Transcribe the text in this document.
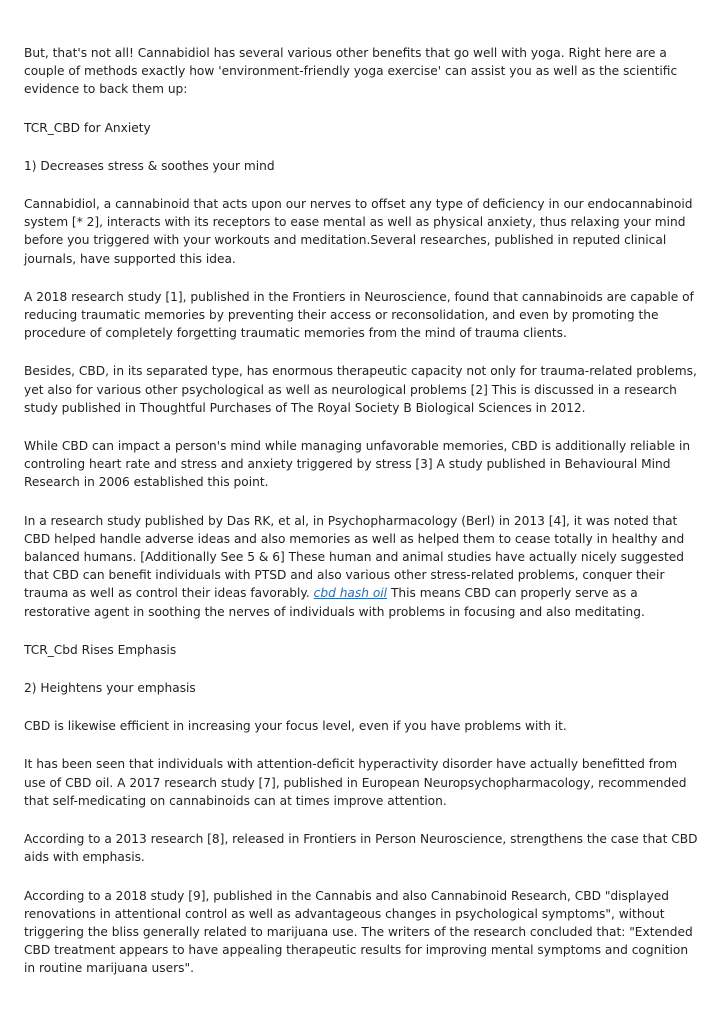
But, that's not all! Cannabidiol has several various other benefits that go well with yoga. Right here are a couple of methods exactly how 'environment-friendly yoga exercise' can assist you as well as the scientific evidence to back them up:

TCR_CBD for Anxiety

1) Decreases stress & soothes your mind

Cannabidiol, a cannabinoid that acts upon our nerves to offset any type of deficiency in our endocannabinoid system [* 2], interacts with its receptors to ease mental as well as physical anxiety, thus relaxing your mind before you triggered with your workouts and meditation.Several researches, published in reputed clinical journals, have supported this idea.

A 2018 research study [1], published in the Frontiers in Neuroscience, found that cannabinoids are capable of reducing traumatic memories by preventing their access or reconsolidation, and even by promoting the procedure of completely forgetting traumatic memories from the mind of trauma clients.

Besides, CBD, in its separated type, has enormous therapeutic capacity not only for trauma-related problems, yet also for various other psychological as well as neurological problems [2] This is discussed in a research study published in Thoughtful Purchases of The Royal Society B Biological Sciences in 2012.

While CBD can impact a person's mind while managing unfavorable memories, CBD is additionally reliable in controling heart rate and stress and anxiety triggered by stress [3] A study published in Behavioural Mind Research in 2006 established this point.

In a research study published by Das RK, et al, in Psychopharmacology (Berl) in 2013 [4], it was noted that CBD helped handle adverse ideas and also memories as well as helped them to cease totally in healthy and balanced humans. [Additionally See 5 & 6] These human and animal studies have actually nicely suggested that CBD can benefit individuals with PTSD and also various other stress-related problems, conquer their trauma as well as control their ideas favorably. cbd hash oil This means CBD can properly serve as a restorative agent in soothing the nerves of individuals with problems in focusing and also meditating.

TCR_Cbd Rises Emphasis

2) Heightens your emphasis

CBD is likewise efficient in increasing your focus level, even if you have problems with it.

It has been seen that individuals with attention-deficit hyperactivity disorder have actually benefitted from use of CBD oil. A 2017 research study [7], published in European Neuropsychopharmacology, recommended that self-medicating on cannabinoids can at times improve attention.

According to a 2013 research [8], released in Frontiers in Person Neuroscience, strengthens the case that CBD aids with emphasis.

According to a 2018 study [9], published in the Cannabis and also Cannabinoid Research, CBD "displayed renovations in attentional control as well as advantageous changes in psychological symptoms", without triggering the bliss generally related to marijuana use. The writers of the research concluded that: "Extended CBD treatment appears to have appealing therapeutic results for improving mental symptoms and cognition in routine marijuana users".
